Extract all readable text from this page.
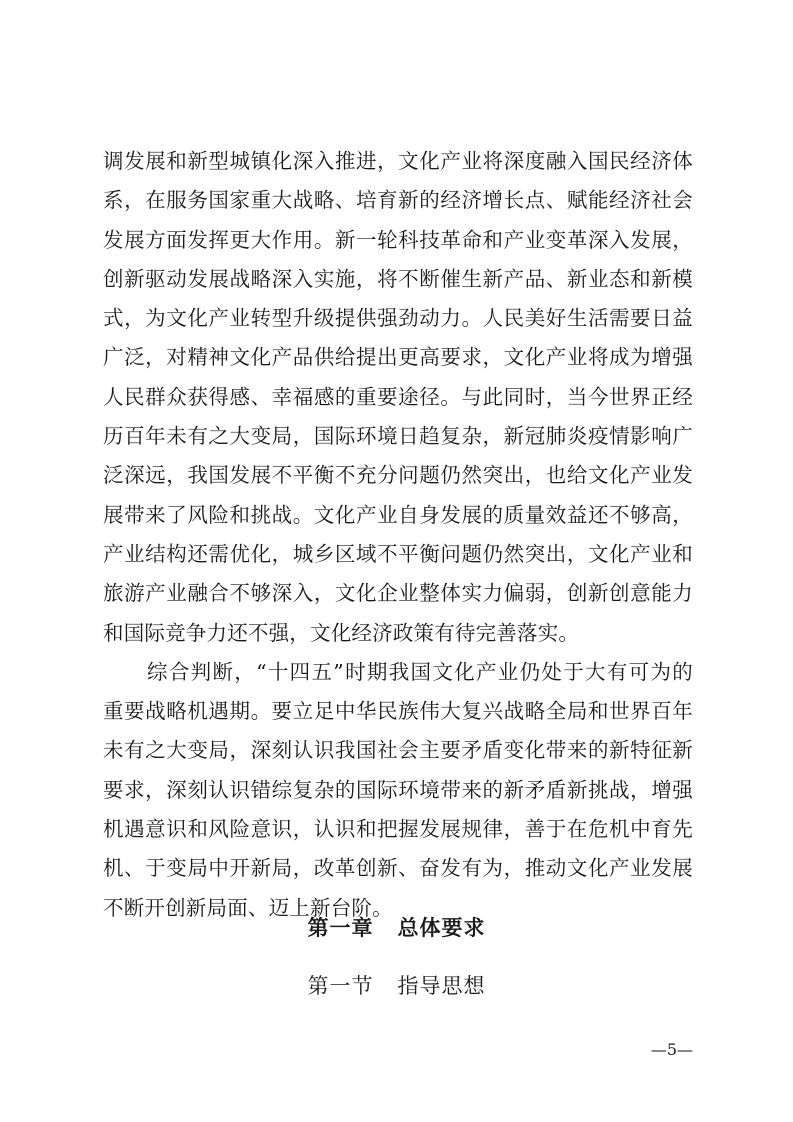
调发展和新型城镇化深入推进，文化产业将深度融入国民经济体
系，在服务国家重大战略、培育新的经济增长点、赋能经济社会
发展方面发挥更大作用。新一轮科技革命和产业变革深入发展，
创新驱动发展战略深入实施，将不断催生新产品、新业态和新模
式，为文化产业转型升级提供强劲动力。人民美好生活需要日益
广泛，对精神文化产品供给提出更高要求，文化产业将成为增强
人民群众获得感、幸福感的重要途径。与此同时，当今世界正经
历百年未有之大变局，国际环境日趋复杂，新冠肺炎疫情影响广
泛深远，我国发展不平衡不充分问题仍然突出，也给文化产业发
展带来了风险和挑战。文化产业自身发展的质量效益还不够高，
产业结构还需优化，城乡区域不平衡问题仍然突出，文化产业和
旅游产业融合不够深入，文化企业整体实力偏弱，创新创意能力
和国际竞争力还不强，文化经济政策有待完善落实。
综合判断，“十四五”时期我国文化产业仍处于大有可为的
重要战略机遇期。要立足中华民族伟大复兴战略全局和世界百年
未有之大变局，深刻认识我国社会主要矛盾变化带来的新特征新
要求，深刻认识错综复杂的国际环境带来的新矛盾新挑战，增强
机遇意识和风险意识，认识和把握发展规律，善于在危机中育先
机、于变局中开新局，改革创新、奋发有为，推动文化产业发展
不断开创新局面、迈上新台阶。
第一章 总体要求
第一节 指导思想
—5—
